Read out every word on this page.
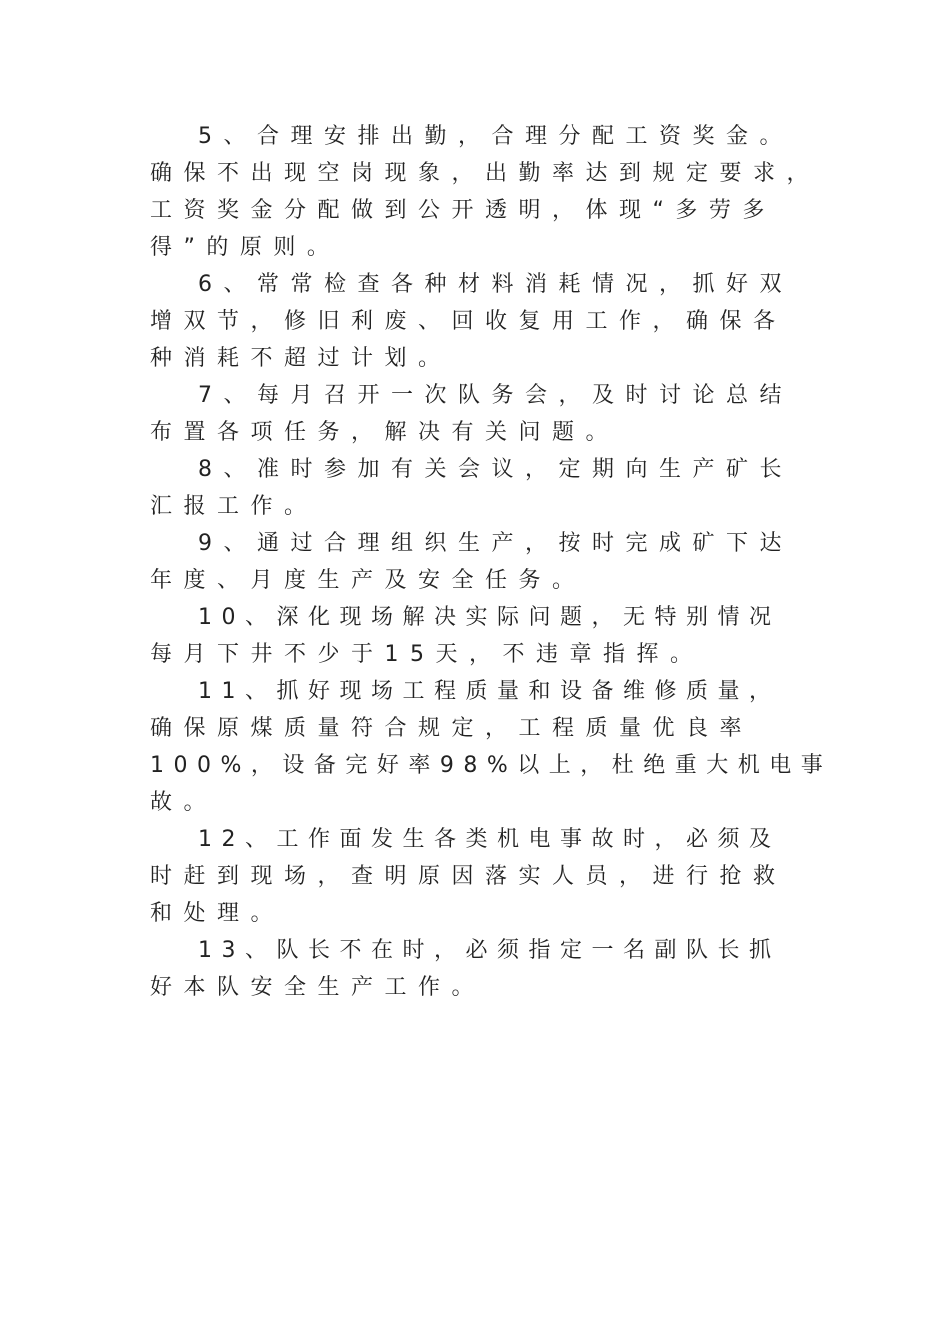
5、合理安排出勤，合理分配工资奖金。
确保不出现空岗现象，出勤率达到规定要求，
工资奖金分配做到公开透明，体现“多劳多
得”的原则。
6、常常检查各种材料消耗情况，抓好双
增双节，修旧利废、回收复用工作，确保各
种消耗不超过计划。
7、每月召开一次队务会，及时讨论总结
布置各项任务，解决有关问题。
8、准时参加有关会议，定期向生产矿长
汇报工作。
9、通过合理组织生产，按时完成矿下达
年度、月度生产及安全任务。
10、深化现场解决实际问题，无特别情况
每月下井不少于15天，不违章指挥。
11、抓好现场工程质量和设备维修质量，
确保原煤质量符合规定，工程质量优良率
100%，设备完好率98%以上，杜绝重大机电事
故。
12、工作面发生各类机电事故时，必须及
时赶到现场，查明原因落实人员，进行抢救
和处理。
13、队长不在时，必须指定一名副队长抓
好本队安全生产工作。
